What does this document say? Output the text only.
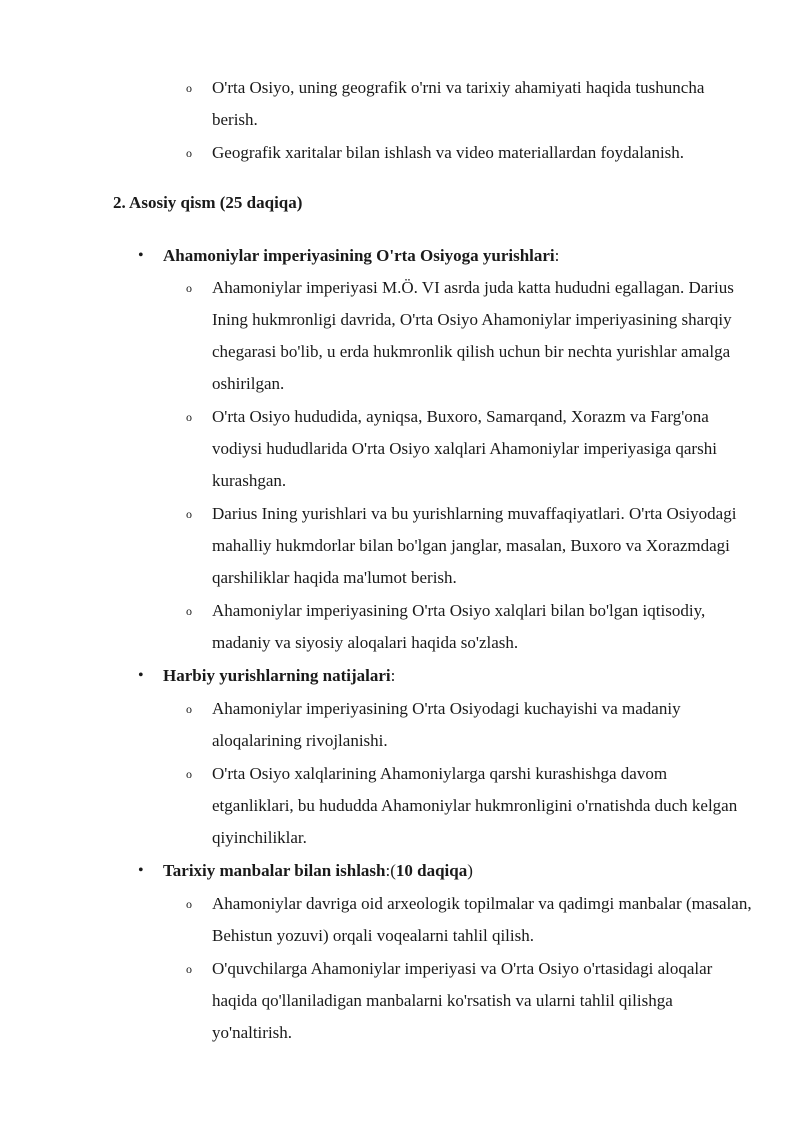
o O'rta Osiyo, uning geografik o'rni va tarixiy ahamiyati haqida tushuncha berish.

o Geografik xaritalar bilan ishlash va video materiallardan foydalanish.

2. Asosiy qism (25 daqiqa)
• Ahamoniylar imperiyasining O'rta Osiyoga yurishlari:
o Ahamoniylar imperiyasi M.Ö. VI asrda juda katta hududni egallagan. Darius Ining hukmronligi davrida, O'rta Osiyo Ahamoniylar imperiyasining sharqiy chegarasi bo'lib, u erda hukmronlik qilish uchun bir nechta yurishlar amalga oshirilgan.

o O'rta Osiyo hududida, ayniqsa, Buxoro, Samarqand, Xorazm va Farg'ona vodiysi hududlarida O'rta Osiyo xalqlari Ahamoniylar imperiyasiga qarshi kurashgan.

o Darius Ining yurishlari va bu yurishlarning muvaffaqiyatlari. O'rta Osiyodagi mahalliy hukmdorlar bilan bo'lgan janglar, masalan, Buxoro va Xorazmdagi qarshiliklar haqida ma'lumot berish.

o Ahamoniylar imperiyasining O'rta Osiyo xalqlari bilan bo'lgan iqtisodiy, madaniy va siyosiy aloqalari haqida so'zlash.

• Harbiy yurishlarning natijalari:
o Ahamoniylar imperiyasining O'rta Osiyodagi kuchayishi va madaniy aloqalarining rivojlanishi.

o O'rta Osiyo xalqlarining Ahamoniylarga qarshi kurashishga davom etganliklari, bu hududda Ahamoniylar hukmronligini o'rnatishda duch kelgan qiyinchiliklar.

• Tarixiy manbalar bilan ishlash:(10 daqiqa)
o Ahamoniylar davriga oid arxeologik topilmalar va qadimgi manbalar (masalan, Behistun yozuvi) orqali voqealarni tahlil qilish.

o O'quvchilarga Ahamoniylar imperiyasi va O'rta Osiyo o'rtasidagi aloqalar haqida qo'llaniladigan manbalarni ko'rsatish va ularni tahlil qilishga yo'naltirish.
